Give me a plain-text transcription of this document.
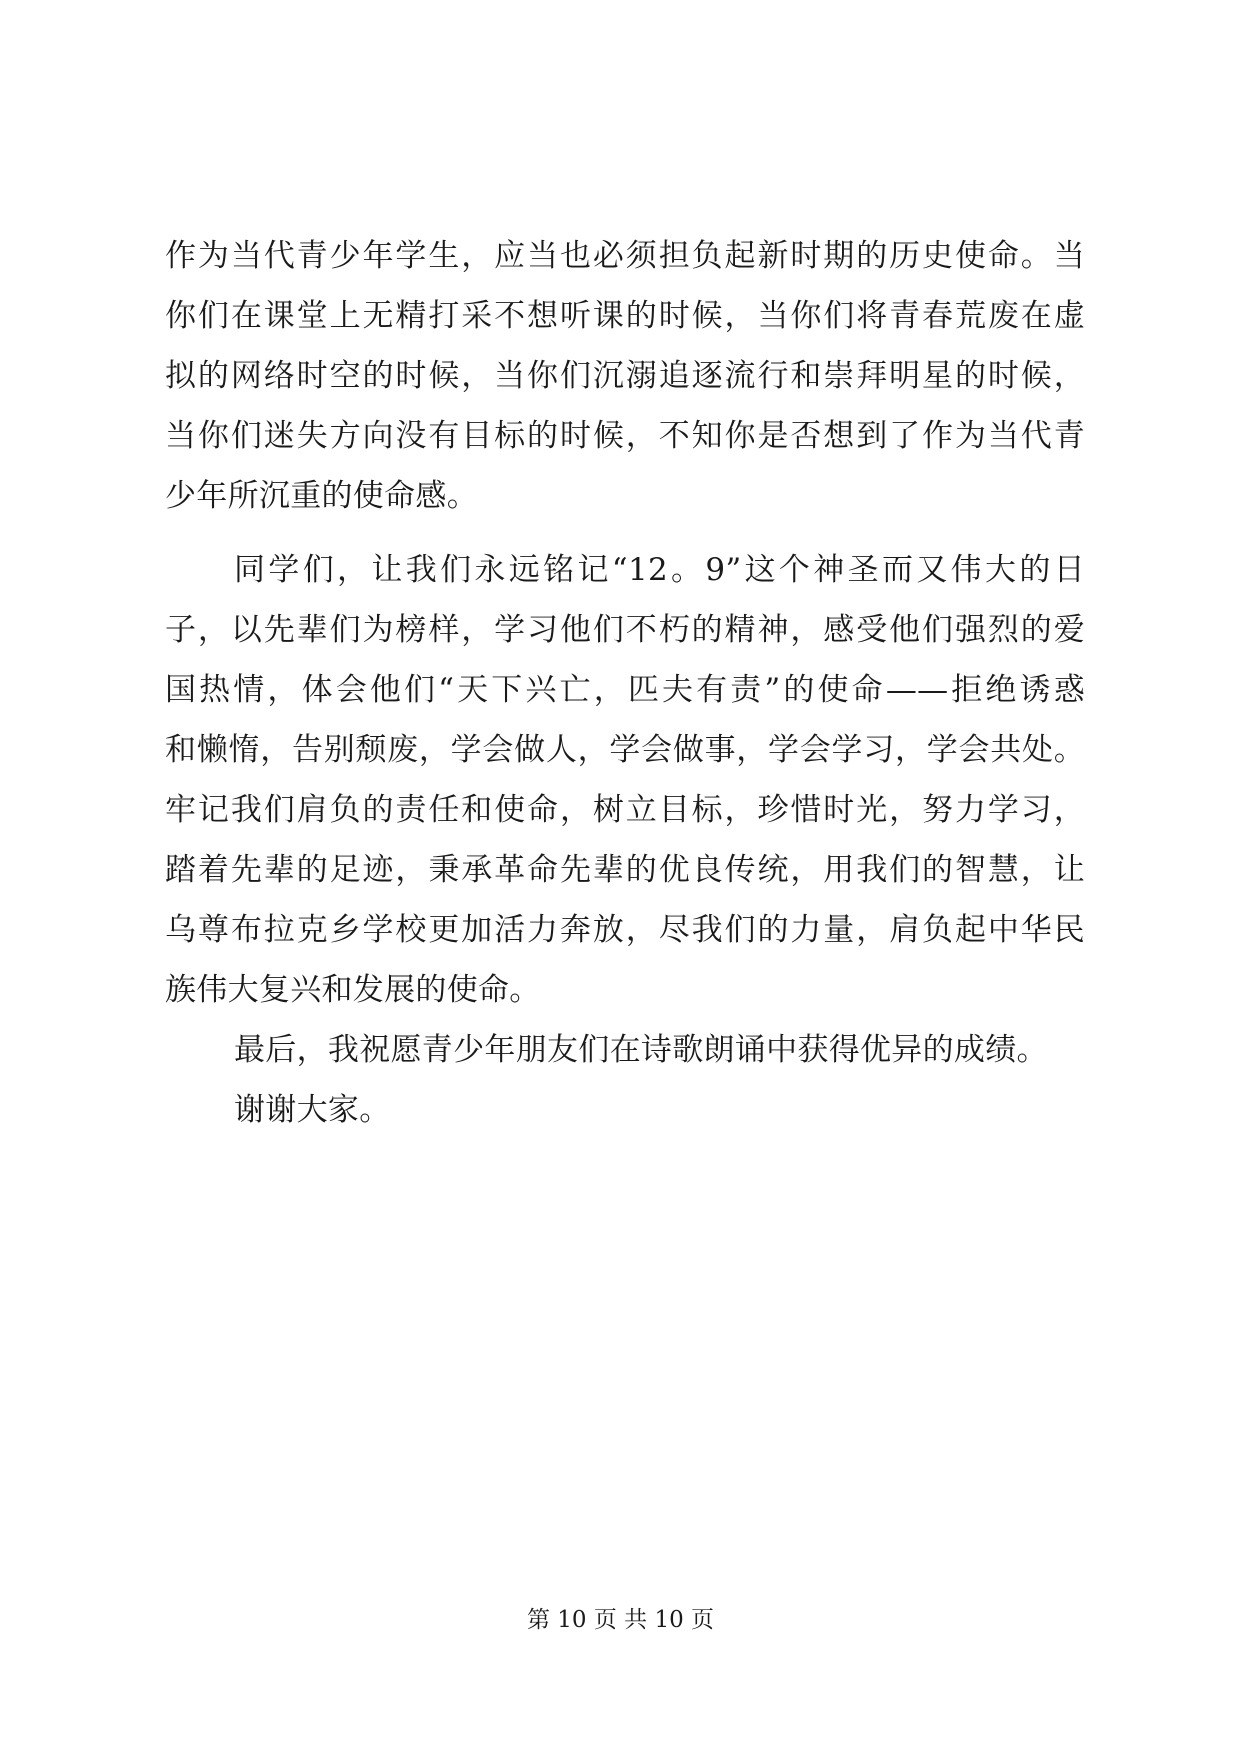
作为当代青少年学生，应当也必须担负起新时期的历史使命。当
你们在课堂上无精打采不想听课的时候，当你们将青春荒废在虚
拟的网络时空的时候，当你们沉溺追逐流行和崇拜明星的时候，
当你们迷失方向没有目标的时候，不知你是否想到了作为当代青
少年所沉重的使命感。
同学们，让我们永远铭记“12。9”这个神圣而又伟大的日
子，以先辈们为榜样，学习他们不朽的精神，感受他们强烈的爱
国热情，体会他们“天下兴亡，匹夫有责”的使命——拒绝诱惑
和懒惰，告别颓废，学会做人，学会做事，学会学习，学会共处。
牢记我们肩负的责任和使命，树立目标，珍惜时光，努力学习，
踏着先辈的足迹，秉承革命先辈的优良传统，用我们的智慧，让
乌尊布拉克乡学校更加活力奔放，尽我们的力量，肩负起中华民
族伟大复兴和发展的使命。
最后，我祝愿青少年朋友们在诗歌朗诵中获得优异的成绩。
谢谢大家。
第 10 页 共 10 页
